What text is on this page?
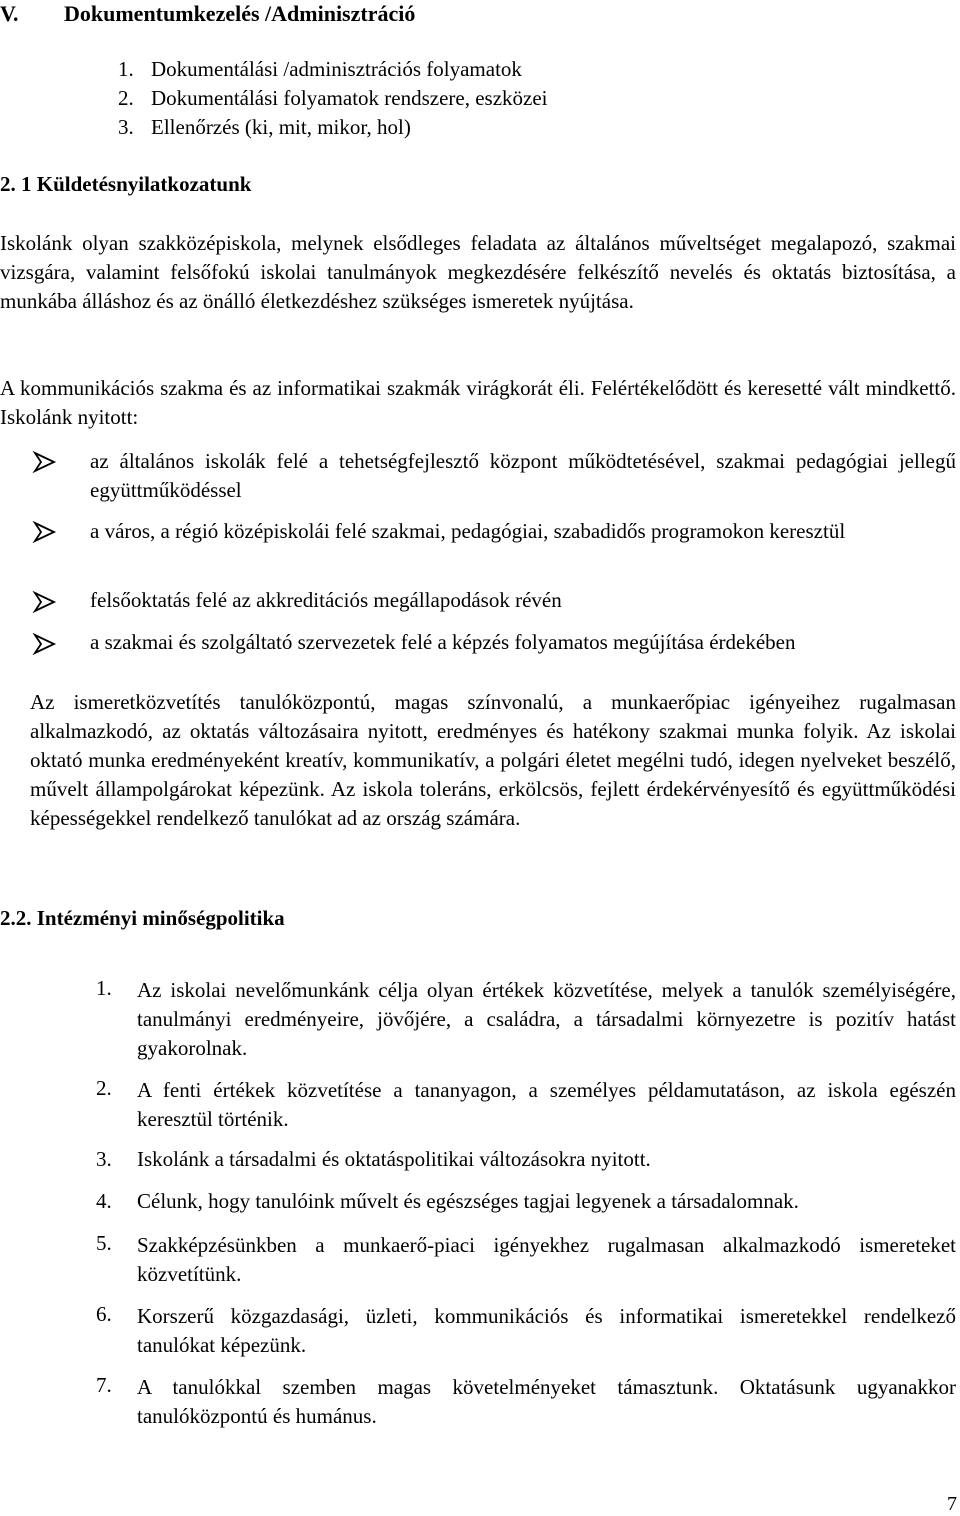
V. Dokumentumkezelés /Adminisztráció
1. Dokumentálási /adminisztrációs folyamatok
2. Dokumentálási folyamatok rendszere, eszközei
3. Ellenőrzés (ki, mit, mikor, hol)
2. 1 Küldetésnyilatkozatunk

Iskolánk olyan szakközépiskola, melynek elsődleges feladata az általános műveltséget megalapozó, szakmai vizsgára, valamint felsőfokú iskolai tanulmányok megkezdésére felkészítő nevelés és oktatás biztosítása, a munkába álláshoz és az önálló életkezdéshez szükséges ismeretek nyújtása.

A kommunikációs szakma és az informatikai szakmák virágkorát éli. Felértékelődött és keresetté vált mindkettő. Iskolánk nyitott:

az általános iskolák felé a tehetségfejlesztő központ működtetésével, szakmai pedagógiai jellegű együttműködéssel

a város, a régió középiskolái felé szakmai, pedagógiai, szabadidős programokon keresztül

felsőoktatás felé az akkreditációs megállapodások révén

a szakmai és szolgáltató szervezetek felé a képzés folyamatos megújítása érdekében

Az ismeretközvetítés tanulóközpontú, magas színvonalú, a munkaerőpiac igényeihez rugalmasan alkalmazkodó, az oktatás változásaira nyitott, eredményes és hatékony szakmai munka folyik. Az iskolai oktató munka eredményeként kreatív, kommunikatív, a polgári életet megélni tudó, idegen nyelveket beszélő, művelt állampolgárokat képezünk. Az iskola toleráns, erkölcsös, fejlett érdekérvényesítő és együttműködési képességekkel rendelkező tanulókat ad az ország számára.

2.2. Intézményi minőségpolitika
1. Az iskolai nevelőmunkánk célja olyan értékek közvetítése, melyek a tanulók személyiségére, tanulmányi eredményeire, jövőjére, a családra, a társadalmi környezetre is pozitív hatást gyakorolnak.

2. A fenti értékek közvetítése a tananyagon, a személyes példamutatáson, az iskola egészén keresztül történik.

3. Iskolánk a társadalmi és oktatáspolitikai változásokra nyitott.

4. Célunk, hogy tanulóink művelt és egészséges tagjai legyenek a társadalomnak.

5. Szakképzésünkben a munkaerő-piaci igényekhez rugalmasan alkalmazkodó ismereteket közvetítünk.

6. Korszerű közgazdasági, üzleti, kommunikációs és informatikai ismeretekkel rendelkező tanulókat képezünk.

7. A tanulókkal szemben magas követelményeket támasztunk. Oktatásunk ugyanakkor tanulóközpontú és humánus.

7
